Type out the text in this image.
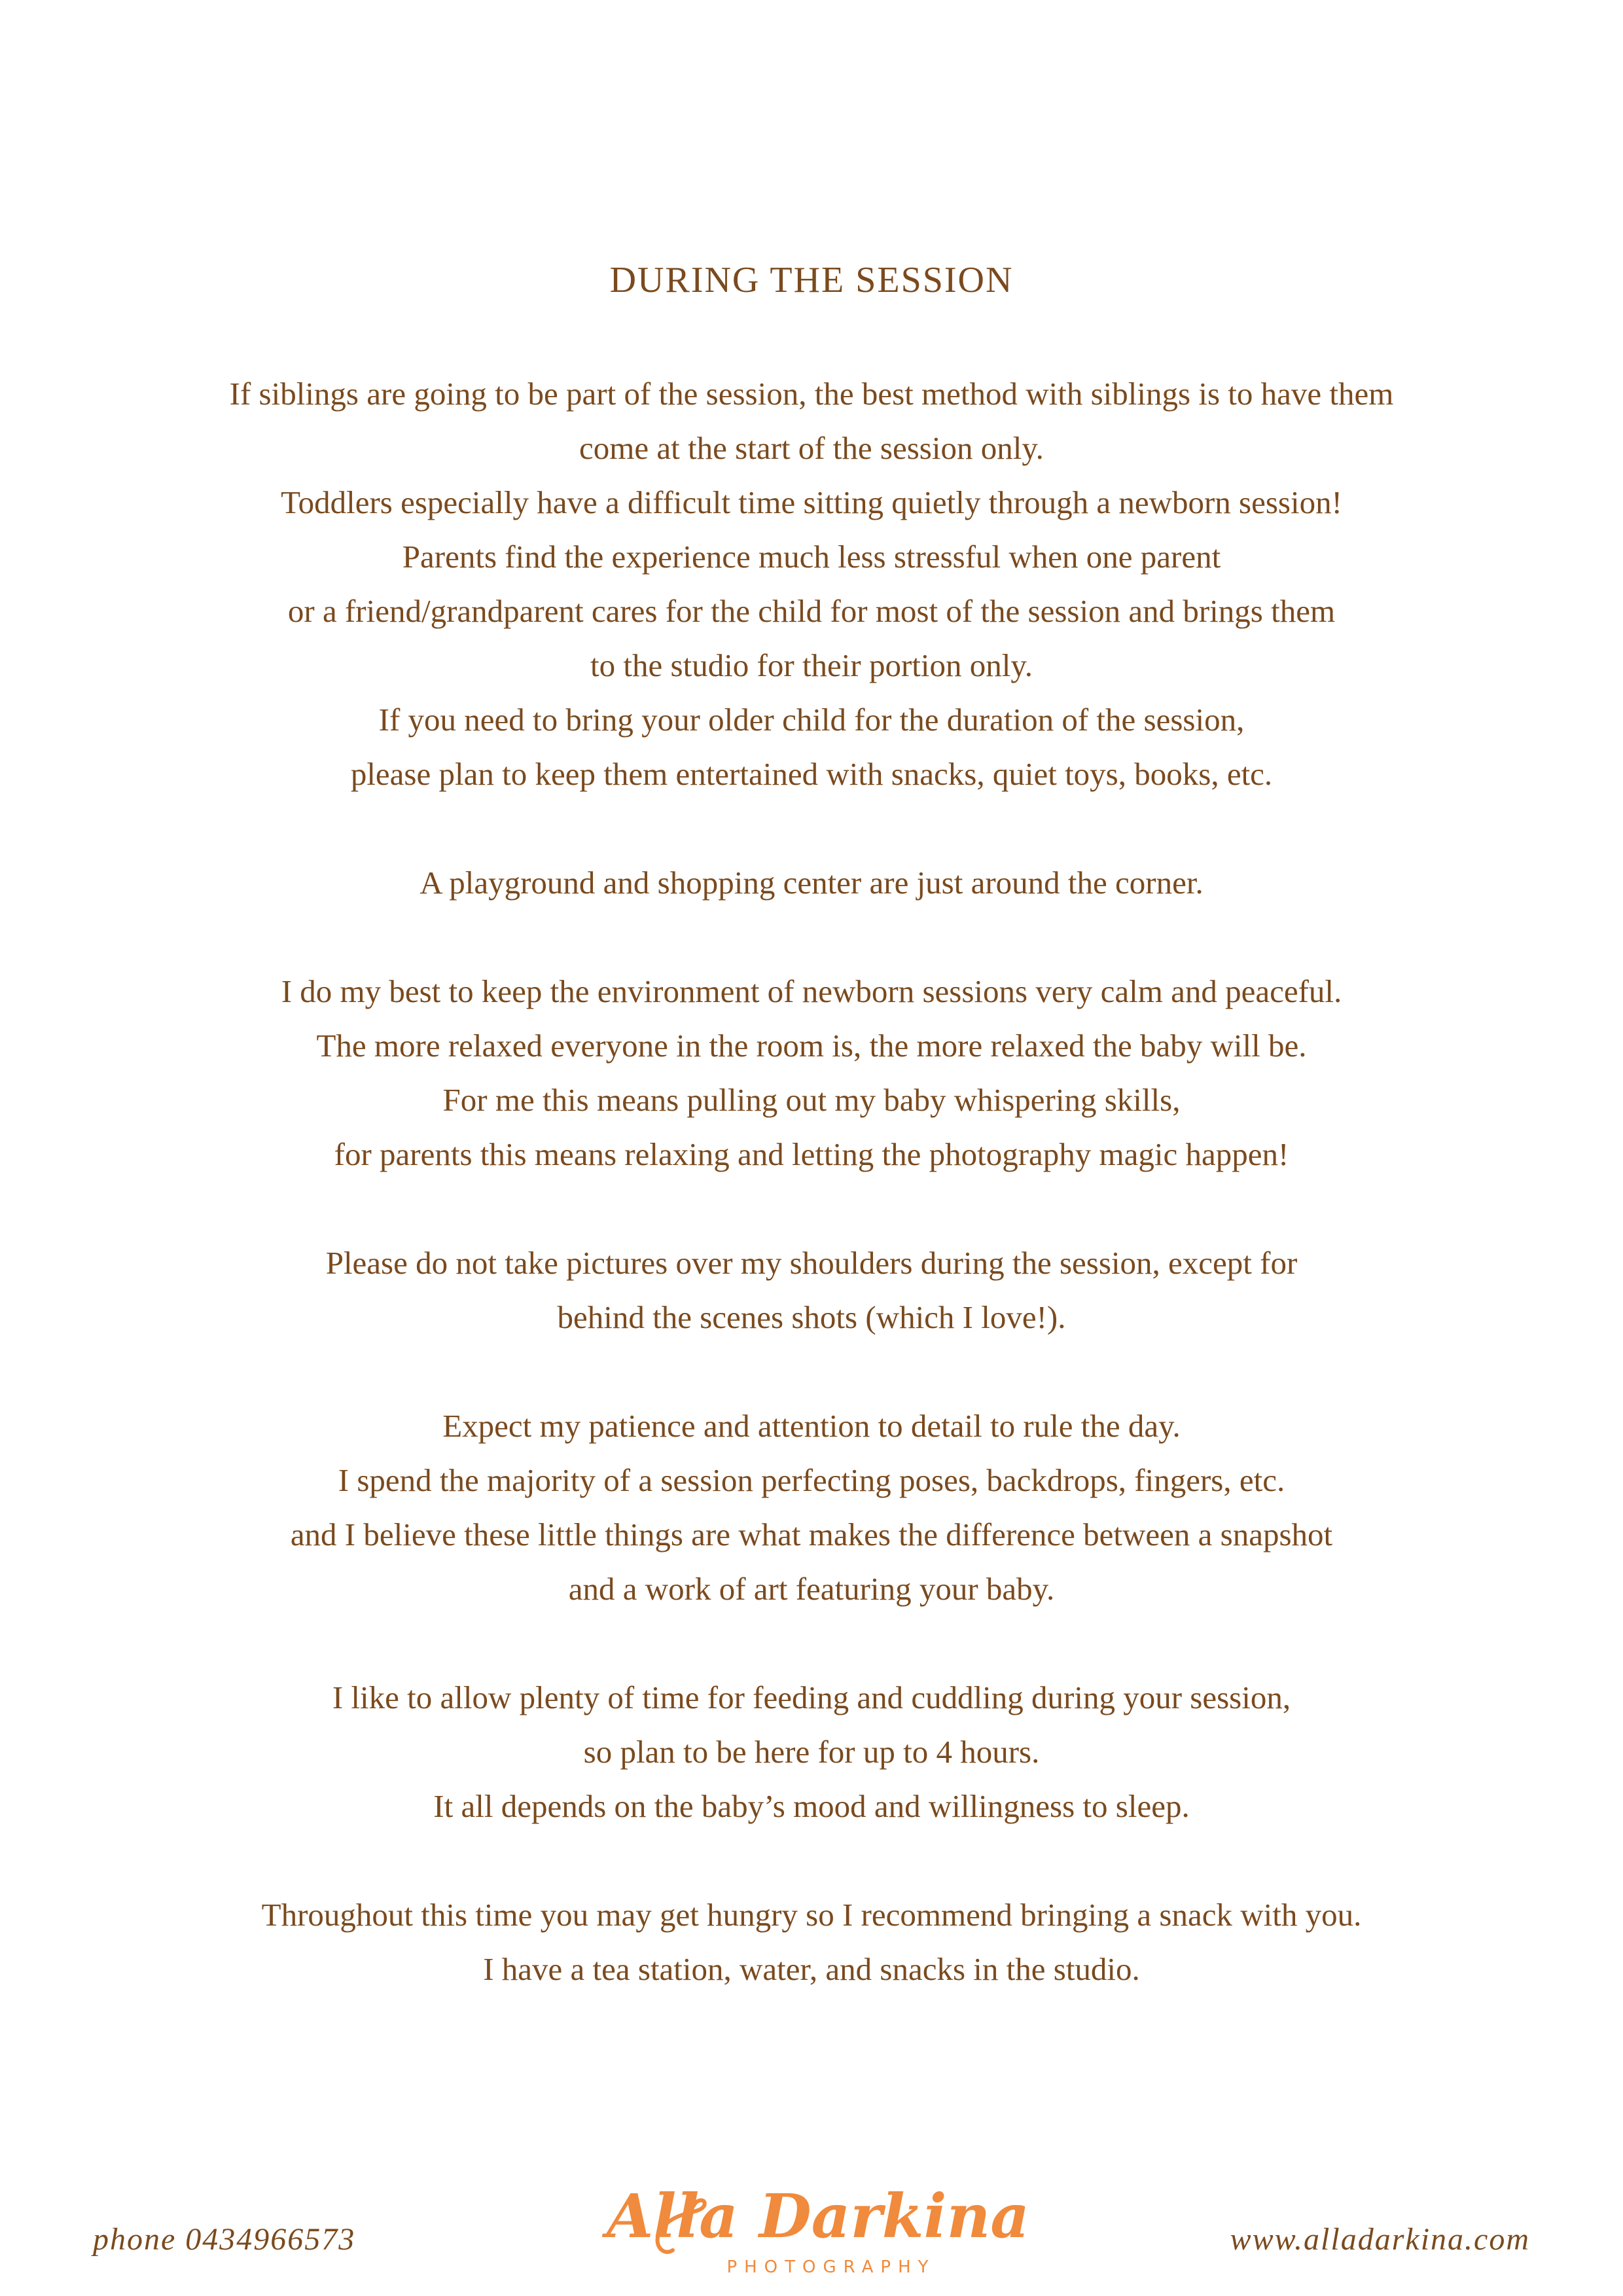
DURING THE SESSION
If siblings are going to be part of the session, the best method with siblings is to have them
come at the start of the session only.
Toddlers especially have a difficult time sitting quietly through a newborn session!
Parents find the experience much less stressful when one parent
or a friend/grandparent cares for the child for most of the session and brings them
to the studio for their portion only.
If you need to bring your older child for the duration of the session,
please plan to keep them entertained with snacks, quiet toys, books, etc.
A playground and shopping center are just around the corner.
I do my best to keep the environment of newborn sessions very calm and peaceful.
The more relaxed everyone in the room is, the more relaxed the baby will be.
For me this means pulling out my baby whispering skills,
for parents this means relaxing and letting the photography magic happen!
Please do not take pictures over my shoulders during the session, except for
behind the scenes shots (which I love!).
Expect my patience and attention to detail to rule the day.
I spend the majority of a session perfecting poses, backdrops, fingers, etc.
and I believe these little things are what makes the difference between a snapshot
and a work of art featuring your baby.
I like to allow plenty of time for feeding and cuddling during your session,
so plan to be here for up to 4 hours.
It all depends on the baby’s mood and willingness to sleep.
Throughout this time you may get hungry so I recommend bringing a snack with you.
I have a tea station, water, and snacks in the studio.
phone 0434966573	Alla Darkina
PHOTOGRAPHY
www.alladarkina.com
